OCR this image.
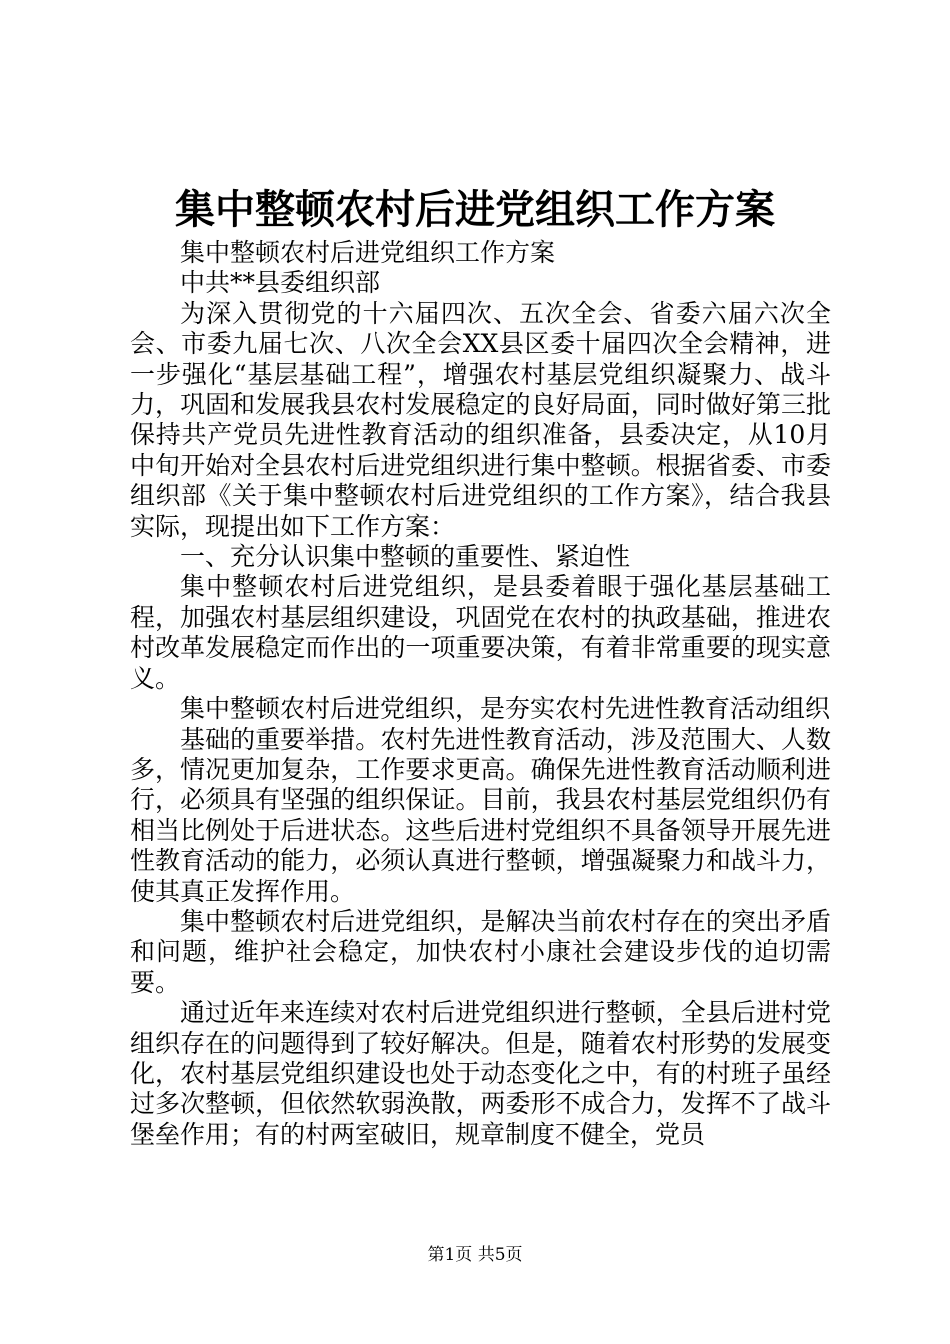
集中整顿农村后进党组织工作方案

集中整顿农村后进党组织工作方案

中共**县委组织部

为深入贯彻党的十六届四次、五次全会、省委六届六次全会、市委九届七次、八次全会XX县区委十届四次全会精神，进一步强化“基层基础工程”，增强农村基层党组织凝聚力、战斗力，巩固和发展我县农村发展稳定的良好局面，同时做好第三批保持共产党员先进性教育活动的组织准备，县委决定，从10月中旬开始对全县农村后进党组织进行集中整顿。根据省委、市委组织部《关于集中整顿农村后进党组织的工作方案》，结合我县实际，现提出如下工作方案：

一、充分认识集中整顿的重要性、紧迫性

集中整顿农村后进党组织，是县委着眼于强化基层基础工程，加强农村基层组织建设，巩固党在农村的执政基础，推进农村改革发展稳定而作出的一项重要决策，有着非常重要的现实意义。

集中整顿农村后进党组织，是夯实农村先进性教育活动组织

基础的重要举措。农村先进性教育活动，涉及范围大、人数多，情况更加复杂，工作要求更高。确保先进性教育活动顺利进行，必须具有坚强的组织保证。目前，我县农村基层党组织仍有相当比例处于后进状态。这些后进村党组织不具备领导开展先进性教育活动的能力，必须认真进行整顿，增强凝聚力和战斗力，使其真正发挥作用。

集中整顿农村后进党组织，是解决当前农村存在的突出矛盾和问题，维护社会稳定，加快农村小康社会建设步伐的迫切需要。

通过近年来连续对农村后进党组织进行整顿，全县后进村党组织存在的问题得到了较好解决。但是，随着农村形势的发展变化，农村基层党组织建设也处于动态变化之中，有的村班子虽经过多次整顿，但依然软弱涣散，两委形不成合力，发挥不了战斗堡垒作用；有的村两室破旧，规章制度不健全，党员

第1页 共5页
